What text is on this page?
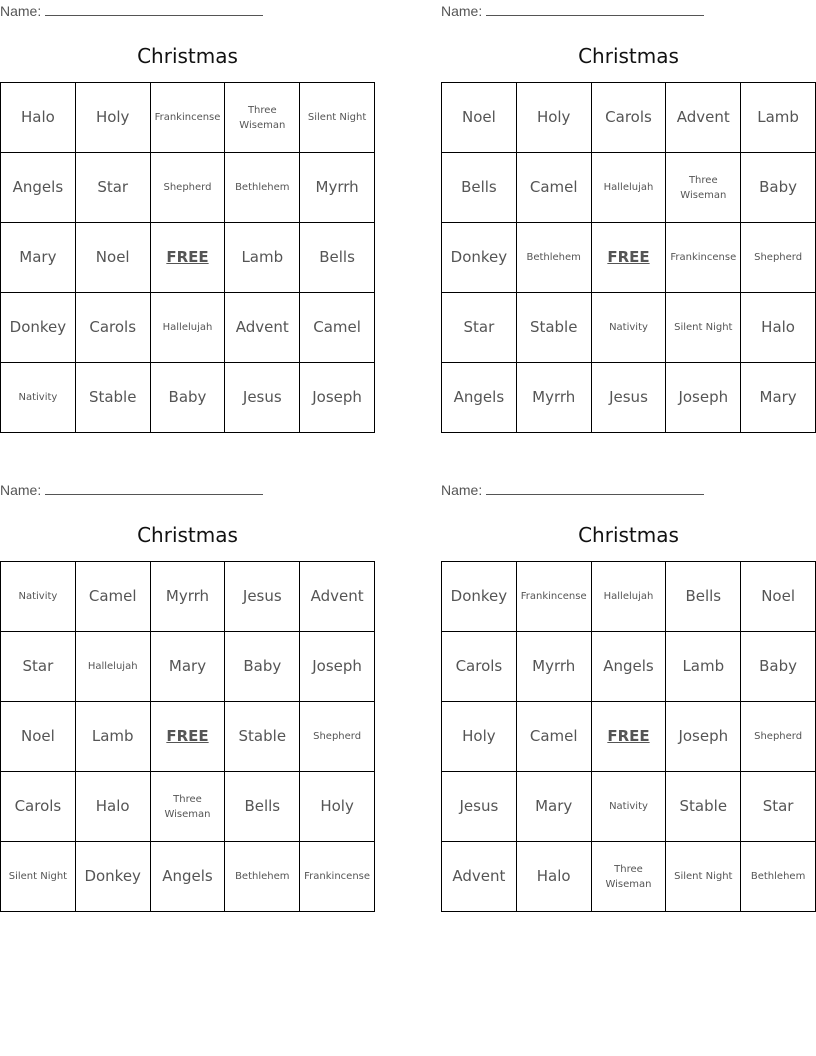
Name:
Christmas
Halo	Holy	Frankincense	Three Wiseman	Silent Night
Angels	Star	Shepherd	Bethlehem	Myrrh
Mary	Noel	FREE	Lamb	Bells
Donkey	Carols	Hallelujah	Advent	Camel
Nativity	Stable	Baby	Jesus	Joseph
Name:
Christmas
Noel	Holy	Carols	Advent	Lamb
Bells	Camel	Hallelujah	Three Wiseman	Baby
Donkey	Bethlehem	FREE	Frankincense	Shepherd
Star	Stable	Nativity	Silent Night	Halo
Angels	Myrrh	Jesus	Joseph	Mary
Name:
Christmas
Nativity	Camel	Myrrh	Jesus	Advent
Star	Hallelujah	Mary	Baby	Joseph
Noel	Lamb	FREE	Stable	Shepherd
Carols	Halo	Three Wiseman	Bells	Holy
Silent Night	Donkey	Angels	Bethlehem	Frankincense
Name:
Christmas
Donkey	Frankincense	Hallelujah	Bells	Noel
Carols	Myrrh	Angels	Lamb	Baby
Holy	Camel	FREE	Joseph	Shepherd
Jesus	Mary	Nativity	Stable	Star
Advent	Halo	Three Wiseman	Silent Night	Bethlehem
